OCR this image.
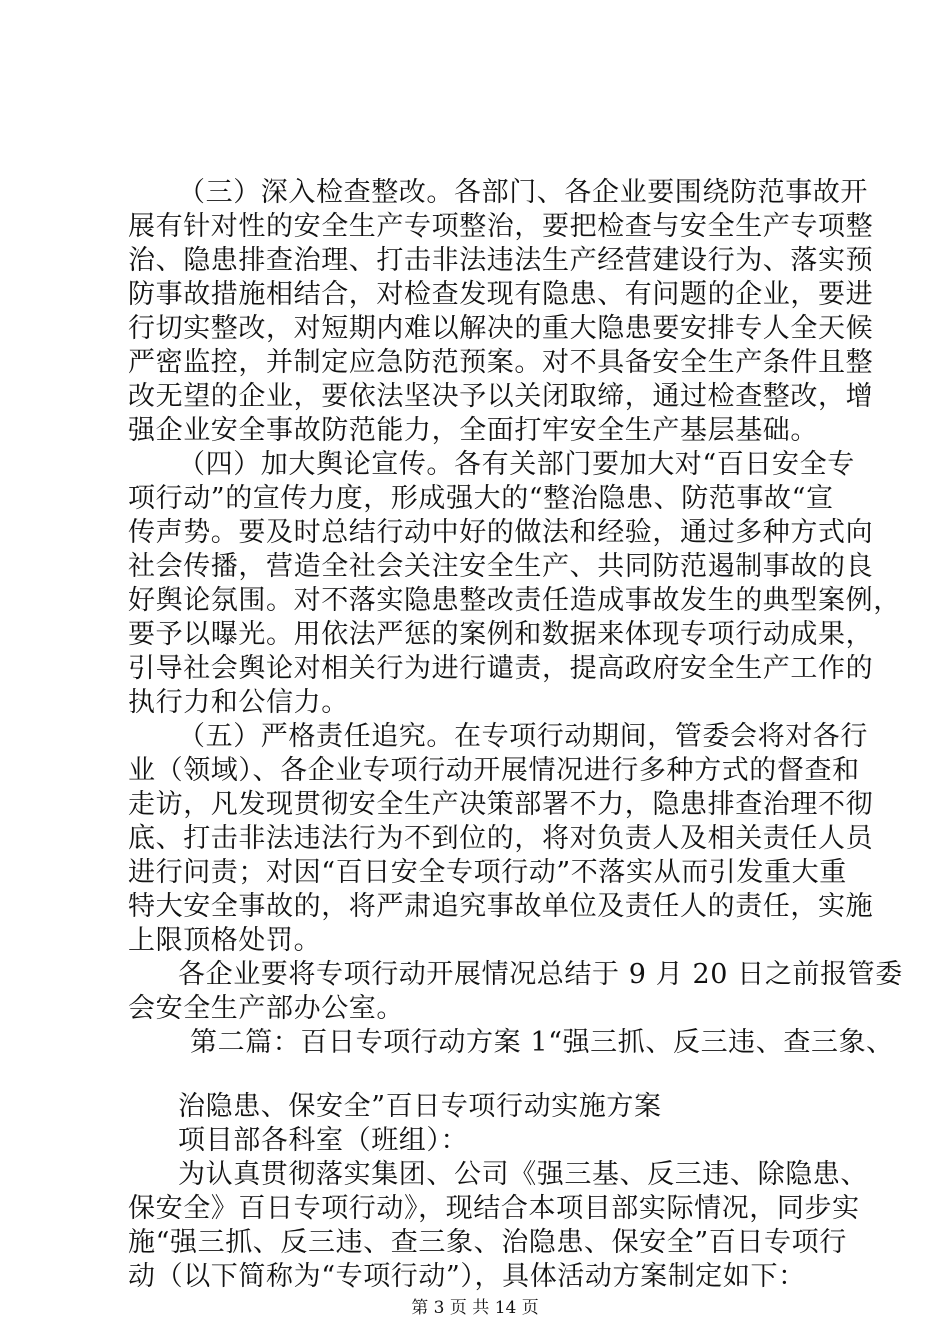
（三）深入检查整改。各部门、各企业要围绕防范事故开
展有针对性的安全生产专项整治，要把检查与安全生产专项整
治、隐患排查治理、打击非法违法生产经营建设行为、落实预
防事故措施相结合，对检查发现有隐患、有问题的企业，要进
行切实整改，对短期内难以解决的重大隐患要安排专人全天候
严密监控，并制定应急防范预案。对不具备安全生产条件且整
改无望的企业，要依法坚决予以关闭取缔，通过检查整改，增
强企业安全事故防范能力，全面打牢安全生产基层基础。
（四）加大舆论宣传。各有关部门要加大对“百日安全专
项行动”的宣传力度，形成强大的“整治隐患、防范事故“宣
传声势。要及时总结行动中好的做法和经验，通过多种方式向
社会传播，营造全社会关注安全生产、共同防范遏制事故的良
好舆论氛围。对不落实隐患整改责任造成事故发生的典型案例，
要予以曝光。用依法严惩的案例和数据来体现专项行动成果，
引导社会舆论对相关行为进行谴责，提高政府安全生产工作的
执行力和公信力。
（五）严格责任追究。在专项行动期间，管委会将对各行
业（领域）、各企业专项行动开展情况进行多种方式的督查和
走访，凡发现贯彻安全生产决策部署不力，隐患排查治理不彻
底、打击非法违法行为不到位的，将对负责人及相关责任人员
进行问责；对因“百日安全专项行动”不落实从而引发重大重
特大安全事故的，将严肃追究事故单位及责任人的责任，实施
上限顶格处罚。
各企业要将专项行动开展情况总结于 9 月 20 日之前报管委
会安全生产部办公室。
第二篇：百日专项行动方案 1“强三抓、反三违、查三象、
治隐患、保安全”百日专项行动实施方案
项目部各科室（班组）：
为认真贯彻落实集团、公司《强三基、反三违、除隐患、
保安全》百日专项行动》，现结合本项目部实际情况，同步实
施“强三抓、反三违、查三象、治隐患、保安全”百日专项行
动（以下简称为“专项行动”），具体活动方案制定如下：
第 3 页 共 14 页
